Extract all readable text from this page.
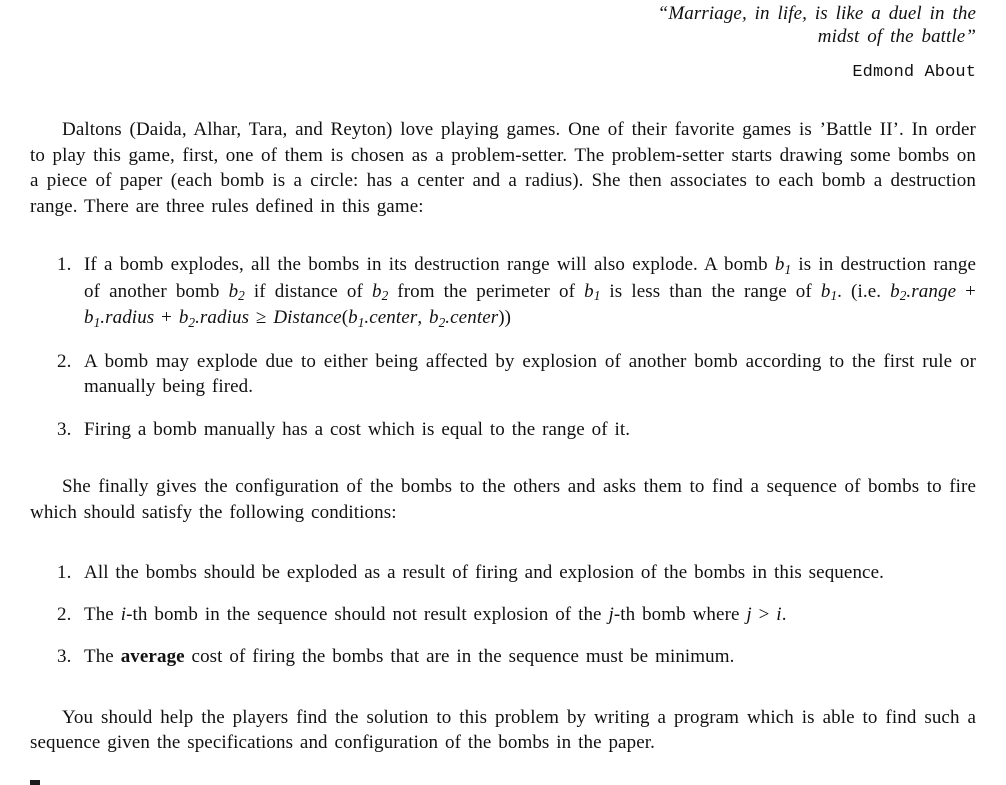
“Marriage, in life, is like a duel in the
midst of the battle”
Edmond About

Daltons (Daida, Alhar, Tara, and Reyton) love playing games. One of their favorite games is ’Battle II’. In order to play this game, first, one of them is chosen as a problem-setter. The problem-setter starts drawing some bombs on a piece of paper (each bomb is a circle: has a center and a radius). She then associates to each bomb a destruction range. There are three rules defined in this game:

1. If a bomb explodes, all the bombs in its destruction range will also explode. A bomb $b_1$ is in destruction range of another bomb $b_2$ if distance of $b_2$ from the perimeter of $b_1$ is less than the range of $b_1$. (i.e. $b_2.range$ + $b_1.radius$ + $b_2.radius$ ≥ $Distance(b_1.center$, $b_2.center$))
2. A bomb may explode due to either being affected by explosion of another bomb according to the first rule or manually being fired.
3. Firing a bomb manually has a cost which is equal to the range of it.

She finally gives the configuration of the bombs to the others and asks them to find a sequence of bombs to fire which should satisfy the following conditions:

1. All the bombs should be exploded as a result of firing and explosion of the bombs in this sequence.
2. The i-th bomb in the sequence should not result explosion of the j-th bomb where j > i.
3. The average cost of firing the bombs that are in the sequence must be minimum.

You should help the players find the solution to this problem by writing a program which is able to find such a sequence given the specifications and configuration of the bombs in the paper.
